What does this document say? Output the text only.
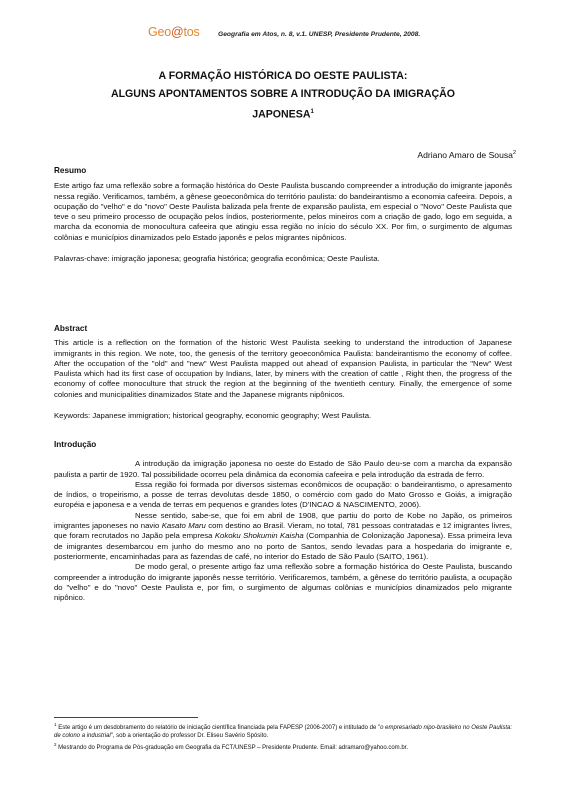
Geo@tos	Geografia em Atos, n. 8, v.1. UNESP, Presidente Prudente, 2008.
A FORMAÇÃO HISTÓRICA DO OESTE PAULISTA:
ALGUNS APONTAMENTOS SOBRE A INTRODUÇÃO DA IMIGRAÇÃO
JAPONESA$^1$
Adriano Amaro de Sousa$^2$
Resumo

Este artigo faz uma reflexão sobre a formação histórica do Oeste Paulista buscando compreender a introdução do imigrante japonês nessa região. Verificamos, também, a gênese geoeconômica do território paulista: do bandeirantismo a economia cafeeira. Depois, a ocupação do "velho" e do "novo" Oeste Paulista balizada pela frente de expansão paulista, em especial o "Novo" Oeste Paulista que teve o seu primeiro processo de ocupação pelos índios, posteriormente, pelos mineiros com a criação de gado, logo em seguida, a marcha da economia de monocultura cafeeira que atingiu essa região no início do século XX. Por fim, o surgimento de algumas colônias e municípios dinamizados pelo Estado japonês e pelos migrantes nipônicos.

Palavras-chave: imigração japonesa; geografia histórica; geografia econômica; Oeste Paulista.

Abstract

This article is a reflection on the formation of the historic West Paulista seeking to understand the introduction of Japanese immigrants in this region. We note, too, the genesis of the territory geoeconômica Paulista: bandeirantismo the economy of coffee. After the occupation of the "old" and "new" West Paulista mapped out ahead of expansion Paulista, in particular the "New" West Paulista which had its first case of occupation by Indians, later, by miners with the creation of cattle , Right then, the progress of the economy of coffee monoculture that struck the region at the beginning of the twentieth century. Finally, the emergence of some colonies and municipalities dinamizados State and the Japanese migrants nipônicos.

Keywords: Japanese immigration; historical geography, economic geography; West Paulista.

Introdução

A introdução da imigração japonesa no oeste do Estado de São Paulo deu-se com a marcha da expansão paulista a partir de 1920. Tal possibilidade ocorreu pela dinâmica da economia cafeeira e pela introdução da estrada de ferro.

Essa região foi formada por diversos sistemas econômicos de ocupação: o bandeirantismo, o apresamento de índios, o tropeirismo, a posse de terras devolutas desde 1850, o comércio com gado do Mato Grosso e Goiás, a imigração européia e japonesa e a venda de terras em pequenos e grandes lotes (D'INCAO & NASCIMENTO, 2006).

Nesse sentido, sabe-se, que foi em abril de 1908, que partiu do porto de Kobe no Japão, os primeiros imigrantes japoneses no navio Kasato Maru com destino ao Brasil. Vieram, no total, 781 pessoas contratadas e 12 imigrantes livres, que foram recrutados no Japão pela empresa Kokoku Shokumin Kaisha (Companhia de Colonização Japonesa). Essa primeira leva de imigrantes desembarcou em junho do mesmo ano no porto de Santos, sendo levadas para a hospedaria do imigrante e, posteriormente, encaminhadas para as fazendas de café, no interior do Estado de São Paulo (SAITO, 1961).

De modo geral, o presente artigo faz uma reflexão sobre a formação histórica do Oeste Paulista, buscando compreender a introdução do imigrante japonês nesse território. Verificaremos, também, a gênese do território paulista, a ocupação do "velho" e do "novo" Oeste Paulista e, por fim, o surgimento de algumas colônias e municípios dinamizados pelo migrante nipônico.

$^1$ Este artigo é um desdobramento do relatório de iniciação científica financiada pela FAPESP (2006-2007) e intitulado de "o empresariado nipo-brasileiro no Oeste Paulista: de colono a industrial", sob a orientação do professor Dr. Eliseu Savério Spósito.
$^2$ Mestrando do Programa de Pós-graduação em Geografia da FCT/UNESP – Presidente Prudente. Email: adramaro@yahoo.com.br.
